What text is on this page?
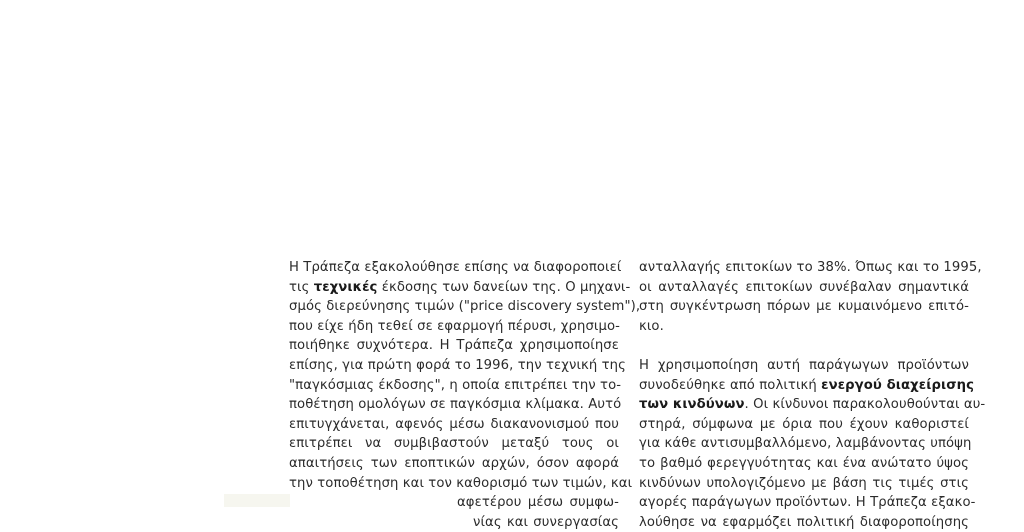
Η Τράπεζα εξακολούθησε επίσης να διαφοροποιεί
τις τεχνικές έκδοσης των δανείων της. Ο μηχανι-
σμός διερεύνησης τιμών ("price discovery system"),
που είχε ήδη τεθεί σε εφαρμογή πέρυσι, χρησιμο-
ποιήθηκε συχνότερα. Η Τράπεζα χρησιμοποίησε
επίσης, για πρώτη φορά το 1996, την τεχνική της
"παγκόσμιας έκδοσης", η οποία επιτρέπει την το-
ποθέτηση ομολόγων σε παγκόσμια κλίμακα. Αυτό
επιτυγχάνεται, αφενός μέσω διακανονισμού που
επιτρέπει να συμβιβαστούν μεταξύ τους οι
απαιτήσεις των εποπτικών αρχών, όσον αφορά
την τοποθέτηση και τον καθορισμό των τιμών, και
αφετέρου μέσω συμφω-
νίας και συνεργασίας
ανταλλαγής επιτοκίων το 38%. Όπως και το 1995,
οι ανταλλαγές επιτοκίων συνέβαλαν σημαντικά
στη συγκέντρωση πόρων με κυμαινόμενο επιτό-
κιο.
Η χρησιμοποίηση αυτή παράγωγων προϊόντων
συνοδεύθηκε από πολιτική ενεργού διαχείρισης
των κινδύνων. Οι κίνδυνοι παρακολουθούνται αυ-
στηρά, σύμφωνα με όρια που έχουν καθοριστεί
για κάθε αντισυμβαλλόμενο, λαμβάνοντας υπόψη
το βαθμό φερεγγυότητας και ένα ανώτατο ύψος
κινδύνων υπολογιζόμενο με βάση τις τιμές στις
αγορές παράγωγων προϊόντων. Η Τράπεζα εξακο-
λούθησε να εφαρμόζει πολιτική διαφοροποίησης
